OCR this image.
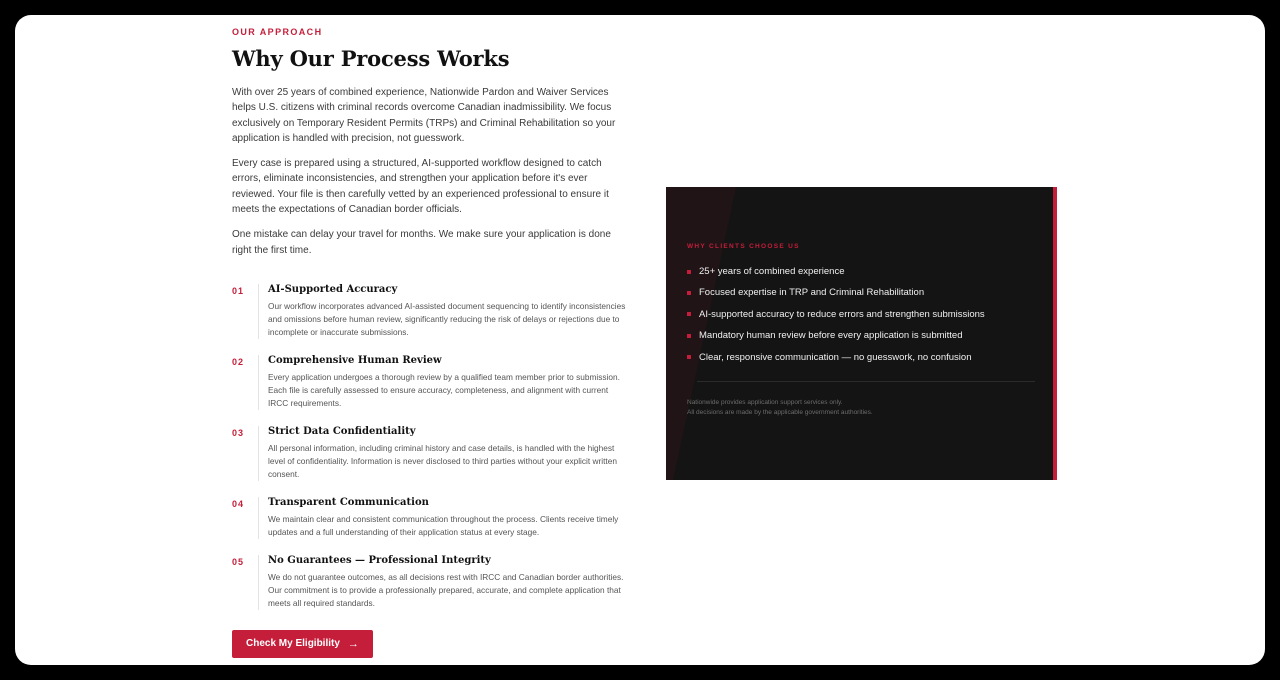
OUR APPROACH

Why Our Process Works

With over 25 years of combined experience, Nationwide Pardon and Waiver Services helps U.S. citizens with criminal records overcome Canadian inadmissibility. We focus exclusively on Temporary Resident Permits (TRPs) and Criminal Rehabilitation so your application is handled with precision, not guesswork.

Every case is prepared using a structured, AI-supported workflow designed to catch errors, eliminate inconsistencies, and strengthen your application before it's ever reviewed. Your file is then carefully vetted by an experienced professional to ensure it meets the expectations of Canadian border officials.

One mistake can delay your travel for months. We make sure your application is done right the first time.

01 AI-Supported Accuracy

Our workflow incorporates advanced AI-assisted document sequencing to identify inconsistencies and omissions before human review, significantly reducing the risk of delays or rejections due to incomplete or inaccurate submissions.

02 Comprehensive Human Review

Every application undergoes a thorough review by a qualified team member prior to submission. Each file is carefully assessed to ensure accuracy, completeness, and alignment with current IRCC requirements.

03 Strict Data Confidentiality

All personal information, including criminal history and case details, is handled with the highest level of confidentiality. Information is never disclosed to third parties without your explicit written consent.

04 Transparent Communication

We maintain clear and consistent communication throughout the process. Clients receive timely updates and a full understanding of their application status at every stage.

05 No Guarantees — Professional Integrity

We do not guarantee outcomes, as all decisions rest with IRCC and Canadian border authorities. Our commitment is to provide a professionally prepared, accurate, and complete application that meets all required standards.

Check My Eligibility →

WHY CLIENTS CHOOSE US

25+ years of combined experience
Focused expertise in TRP and Criminal Rehabilitation
AI-supported accuracy to reduce errors and strengthen submissions
Mandatory human review before every application is submitted
Clear, responsive communication — no guesswork, no confusion

Nationwide provides application support services only.
All decisions are made by the applicable government authorities.
